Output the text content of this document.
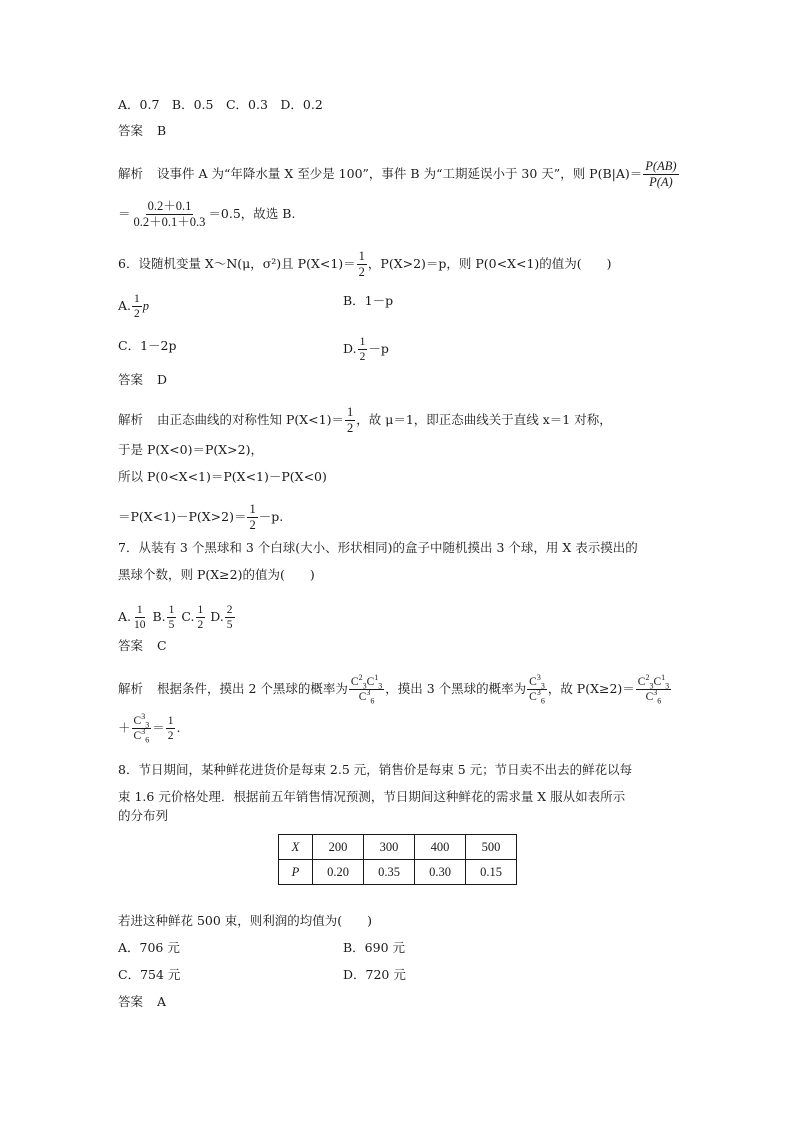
A．0.7　B．0.5　C．0.3　D．0.2
答案 B
解析 设事件 A 为“年降水量 X 至少是 100”，事件 B 为“工期延误小于 30 天”，则 $P(B|A)= \frac{P(AB)}{P(A)}$
＝ $\frac{0.2+0.1}{0.2+0.1+0.3} =0.5$，故选 B.
6．设随机变量 X～N(μ，σ²)且 $P(X<1)= \frac{1}{2}$ ，P(X>2)＝p，则 P(0<X<1)的值为(　　)
A. $\frac{1}{2}$ p	B．1－p
C．1－2p	D. $\frac{1}{2} -p$
答案 D
解析 由正态曲线的对称性知 $P(X<1)= \frac{1}{2}$ ，故 μ＝1，即正态曲线关于直线 x＝1 对称，
于是 P(X<0)＝P(X>2)，
所以 P(0<X<1)＝P(X<1)－P(X<0)
$=P(X<1)-P(X>2)= \frac{1}{2} -p$.
7．从装有 3 个黑球和 3 个白球(大小、形状相同)的盒子中随机摸出 3 个球，用 X 表示摸出的
黑球个数，则 P(X≥2)的值为(　　)
A. $\frac{1}{10} B$. $\frac{1}{5} C$. $\frac{1}{2} D$. $\frac{2}{5}$
答案 C
解析 根据条件，摸出 2 个黑球的概率为 $\frac{C^2_3C^1_3}{C^3_6}$ ，摸出 3 个黑球的概率为 $\frac{C^3_3}{C^3_6}$ ，故 $P(X\ge 2)= \frac{C^2_3C^1_3}{C^3_6}$
＋ $\frac{C^3_3}{C^3_6} = \frac{1}{2}$ .
8．节日期间，某种鲜花进货价是每束 2.5 元，销售价是每束 5 元；节日卖不出去的鲜花以每
束 1.6 元价格处理．根据前五年销售情况预测，节日期间这种鲜花的需求量 X 服从如表所示
的分布列
X	200	300	400	500
P	0.20	0.35	0.30	0.15
若进这种鲜花 500 束，则利润的均值为(　　)
A．706 元	B．690 元
C．754 元	D．720 元
答案 A
